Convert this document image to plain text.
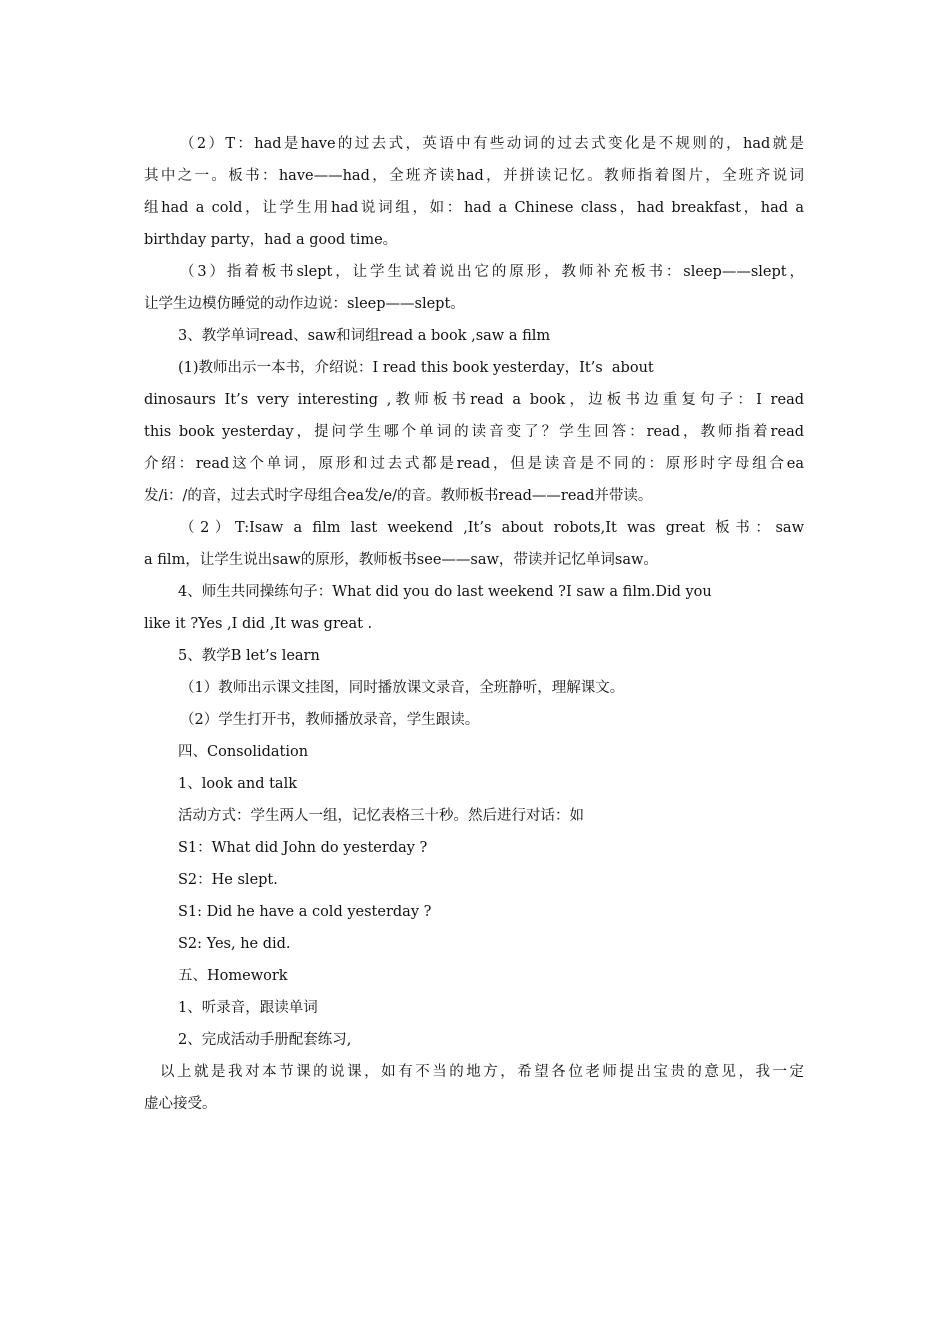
（2）T：had是have的过去式，英语中有些动词的过去式变化是不规则的，had就是
其中之一。板书：have——had，全班齐读had，并拼读记忆。教师指着图片，全班齐说词
组had a cold，让学生用had说词组，如：had a Chinese class，had breakfast，had a
birthday party，had a good time。
（3）指着板书slept，让学生试着说出它的原形，教师补充板书：sleep——slept，
让学生边模仿睡觉的动作边说：sleep——slept。
3、教学单词read、saw和词组read a book ,saw a film
(1)教师出示一本书，介绍说：I read this book yesterday，It’s  about
dinosaurs It’s very interesting ,教师板书read a book，边板书边重复句子：I read
this book yesterday，提问学生哪个单词的读音变了？学生回答：read，教师指着read
介绍：read这个单词，原形和过去式都是read，但是读音是不同的：原形时字母组合ea
发/i：/的音，过去式时字母组合ea发/e/的音。教师板书read——read并带读。
（2）T:Isaw a film last weekend ,It’s about robots,It was great 板书：saw
a film，让学生说出saw的原形，教师板书see——saw，带读并记忆单词saw。
4、师生共同操练句子：What did you do last weekend ?I saw a film.Did you
like it ?Yes ,I did ,It was great .
5、教学B let’s learn
（1）教师出示课文挂图，同时播放课文录音，全班静听，理解课文。
（2）学生打开书，教师播放录音，学生跟读。
四、Consolidation
1、look and talk
活动方式：学生两人一组，记忆表格三十秒。然后进行对话：如
S1：What did John do yesterday ?
S2：He slept.
S1: Did he have a cold yesterday ?
S2: Yes, he did.
五、Homework
1、听录音，跟读单词
2、完成活动手册配套练习,
以上就是我对本节课的说课，如有不当的地方，希望各位老师提出宝贵的意见，我一定
虚心接受。
